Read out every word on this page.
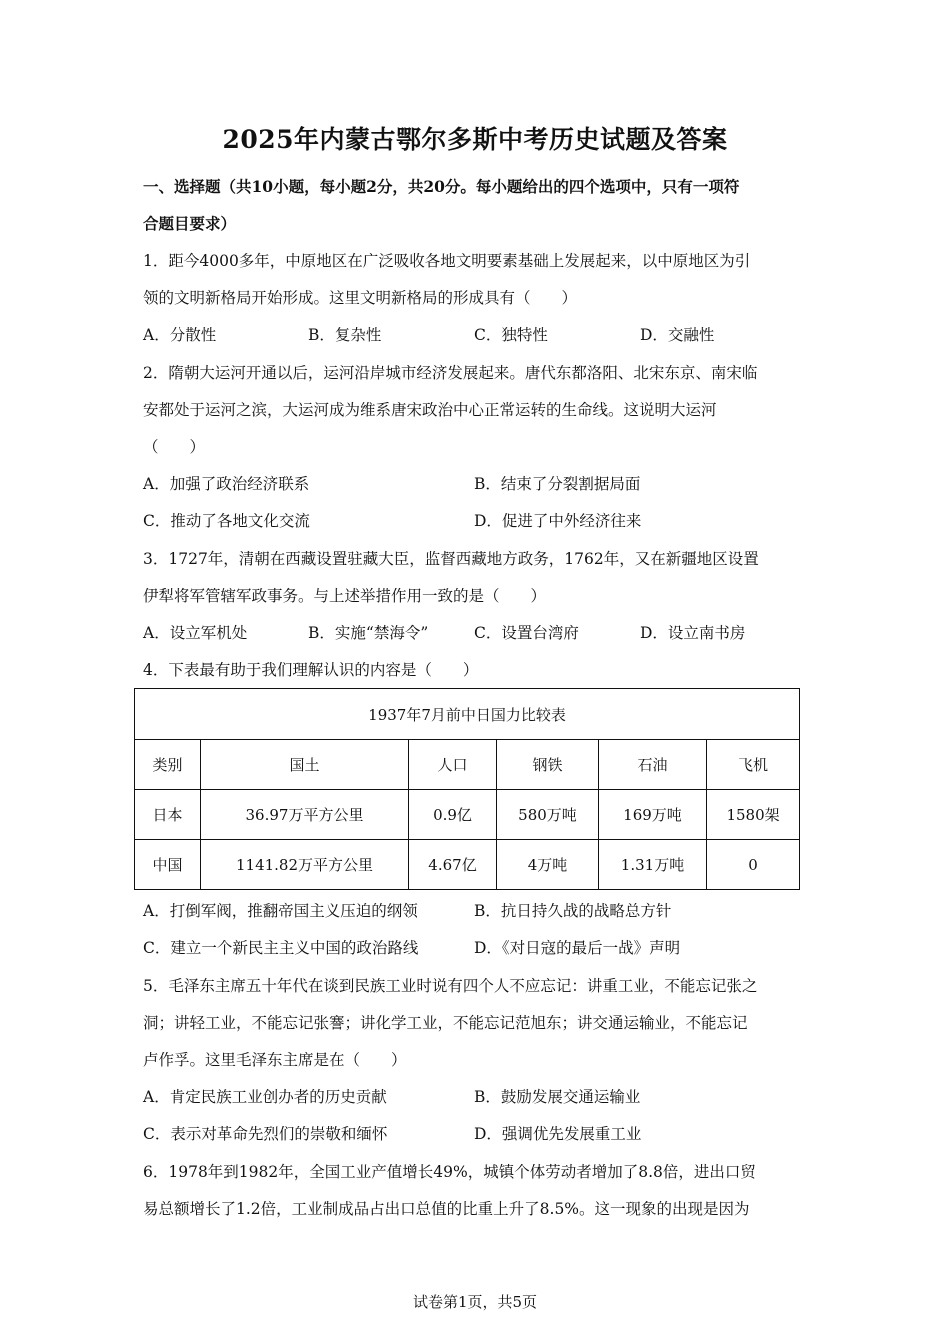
2025年内蒙古鄂尔多斯中考历史试题及答案
一、选择题（共10小题，每小题2分，共20分。每小题给出的四个选项中，只有一项符
合题目要求）
1．距今4000多年，中原地区在广泛吸收各地文明要素基础上发展起来，以中原地区为引
领的文明新格局开始形成。这里文明新格局的形成具有（　　）
A．分散性	B．复杂性	C．独特性	D．交融性
2．隋朝大运河开通以后，运河沿岸城市经济发展起来。唐代东都洛阳、北宋东京、南宋临
安都处于运河之滨，大运河成为维系唐宋政治中心正常运转的生命线。这说明大运河
（　　）
A．加强了政治经济联系	B．结束了分裂割据局面
C．推动了各地文化交流	D．促进了中外经济往来
3．1727年，清朝在西藏设置驻藏大臣，监督西藏地方政务，1762年，又在新疆地区设置
伊犁将军管辖军政事务。与上述举措作用一致的是（　　）
A．设立军机处	B．实施“禁海令”	C．设置台湾府	D．设立南书房
4．下表最有助于我们理解认识的内容是（　　）
1937年7月前中日国力比较表					
类别	国土	人口	钢铁	石油	飞机
日本	36.97万平方公里	0.9亿	580万吨	169万吨	1580架
中国	1141.82万平方公里	4.67亿	4万吨	1.31万吨	0
A．打倒军阀，推翻帝国主义压迫的纲领	B．抗日持久战的战略总方针
C．建立一个新民主主义中国的政治路线	D．《对日寇的最后一战》声明
5．毛泽东主席五十年代在谈到民族工业时说有四个人不应忘记：讲重工业，不能忘记张之
洞；讲轻工业，不能忘记张謇；讲化学工业，不能忘记范旭东；讲交通运输业，不能忘记
卢作孚。这里毛泽东主席是在（　　）
A．肯定民族工业创办者的历史贡献	B．鼓励发展交通运输业
C．表示对革命先烈们的崇敬和缅怀	D．强调优先发展重工业
6．1978年到1982年，全国工业产值增长49%，城镇个体劳动者增加了8.8倍，进出口贸
易总额增长了1.2倍，工业制成品占出口总值的比重上升了8.5%。这一现象的出现是因为
试卷第1页，共5页
